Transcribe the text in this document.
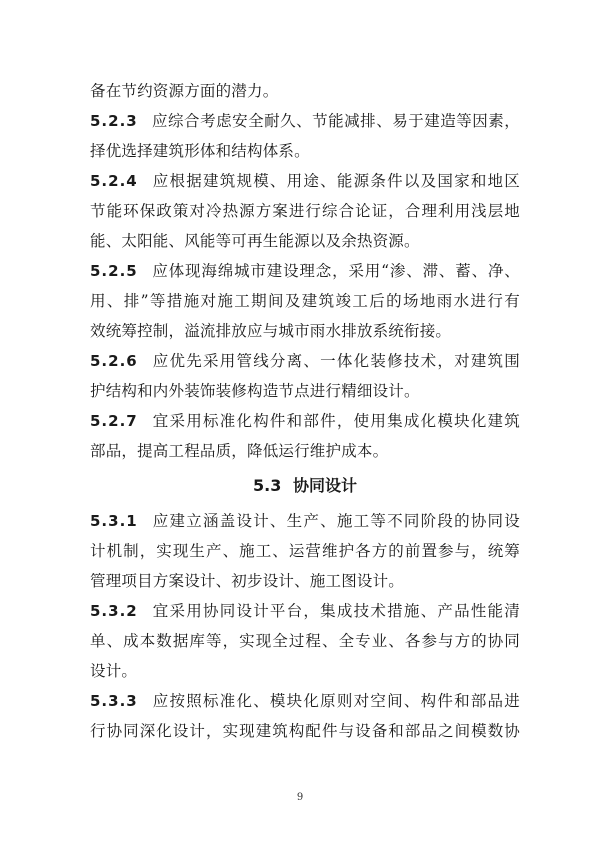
备在节约资源方面的潜力。
5.2.3 应综合考虑安全耐久、节能减排、易于建造等因素，
择优选择建筑形体和结构体系。
5.2.4 应根据建筑规模、用途、能源条件以及国家和地区
节能环保政策对冷热源方案进行综合论证，合理利用浅层地
能、太阳能、风能等可再生能源以及余热资源。
5.2.5 应体现海绵城市建设理念，采用“渗、滞、蓄、净、
用、排”等措施对施工期间及建筑竣工后的场地雨水进行有
效统筹控制，溢流排放应与城市雨水排放系统衔接。
5.2.6 应优先采用管线分离、一体化装修技术，对建筑围
护结构和内外装饰装修构造节点进行精细设计。
5.2.7 宜采用标准化构件和部件，使用集成化模块化建筑
部品，提高工程品质，降低运行维护成本。
5.3 协同设计
5.3.1 应建立涵盖设计、生产、施工等不同阶段的协同设
计机制，实现生产、施工、运营维护各方的前置参与，统筹
管理项目方案设计、初步设计、施工图设计。
5.3.2 宜采用协同设计平台，集成技术措施、产品性能清
单、成本数据库等，实现全过程、全专业、各参与方的协同
设计。
5.3.3 应按照标准化、模块化原则对空间、构件和部品进
行协同深化设计，实现建筑构配件与设备和部品之间模数协
9
